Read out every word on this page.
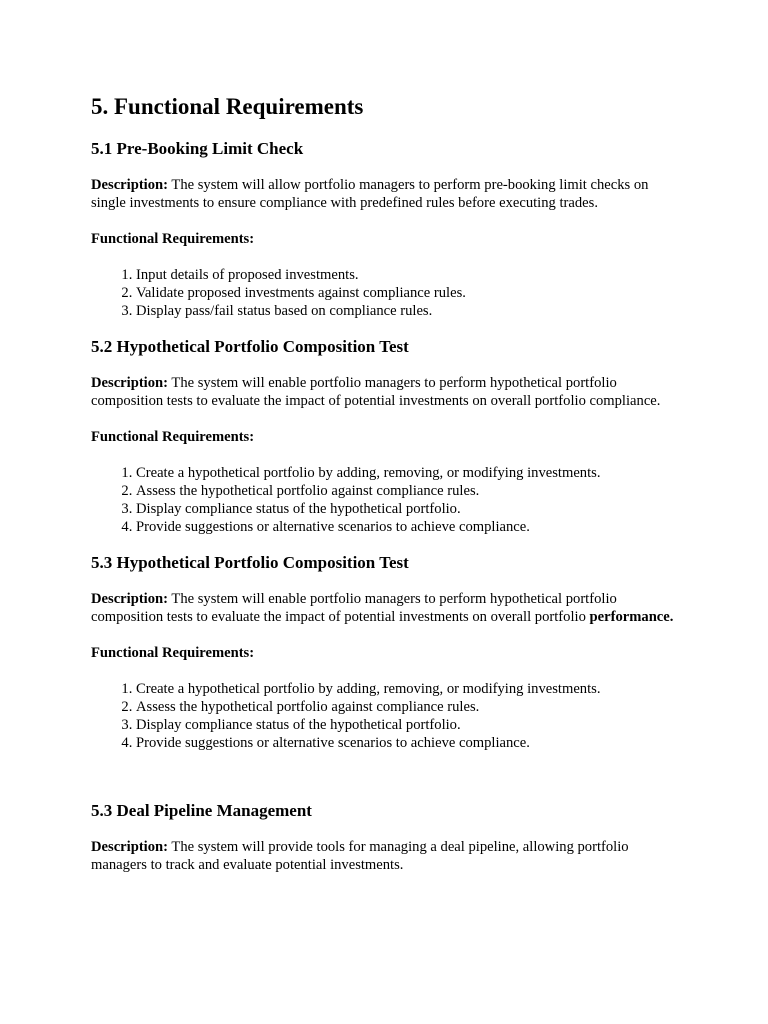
5. Functional Requirements
5.1 Pre-Booking Limit Check

Description: The system will allow portfolio managers to perform pre-booking limit checks on single investments to ensure compliance with predefined rules before executing trades.

Functional Requirements:

1. Input details of proposed investments.
2. Validate proposed investments against compliance rules.
3. Display pass/fail status based on compliance rules.
5.2 Hypothetical Portfolio Composition Test

Description: The system will enable portfolio managers to perform hypothetical portfolio composition tests to evaluate the impact of potential investments on overall portfolio compliance.

Functional Requirements:

1. Create a hypothetical portfolio by adding, removing, or modifying investments.
2. Assess the hypothetical portfolio against compliance rules.
3. Display compliance status of the hypothetical portfolio.
4. Provide suggestions or alternative scenarios to achieve compliance.
5.3 Hypothetical Portfolio Composition Test

Description: The system will enable portfolio managers to perform hypothetical portfolio composition tests to evaluate the impact of potential investments on overall portfolio performance.

Functional Requirements:

1. Create a hypothetical portfolio by adding, removing, or modifying investments.
2. Assess the hypothetical portfolio against compliance rules.
3. Display compliance status of the hypothetical portfolio.
4. Provide suggestions or alternative scenarios to achieve compliance.
5.3 Deal Pipeline Management

Description: The system will provide tools for managing a deal pipeline, allowing portfolio managers to track and evaluate potential investments.
